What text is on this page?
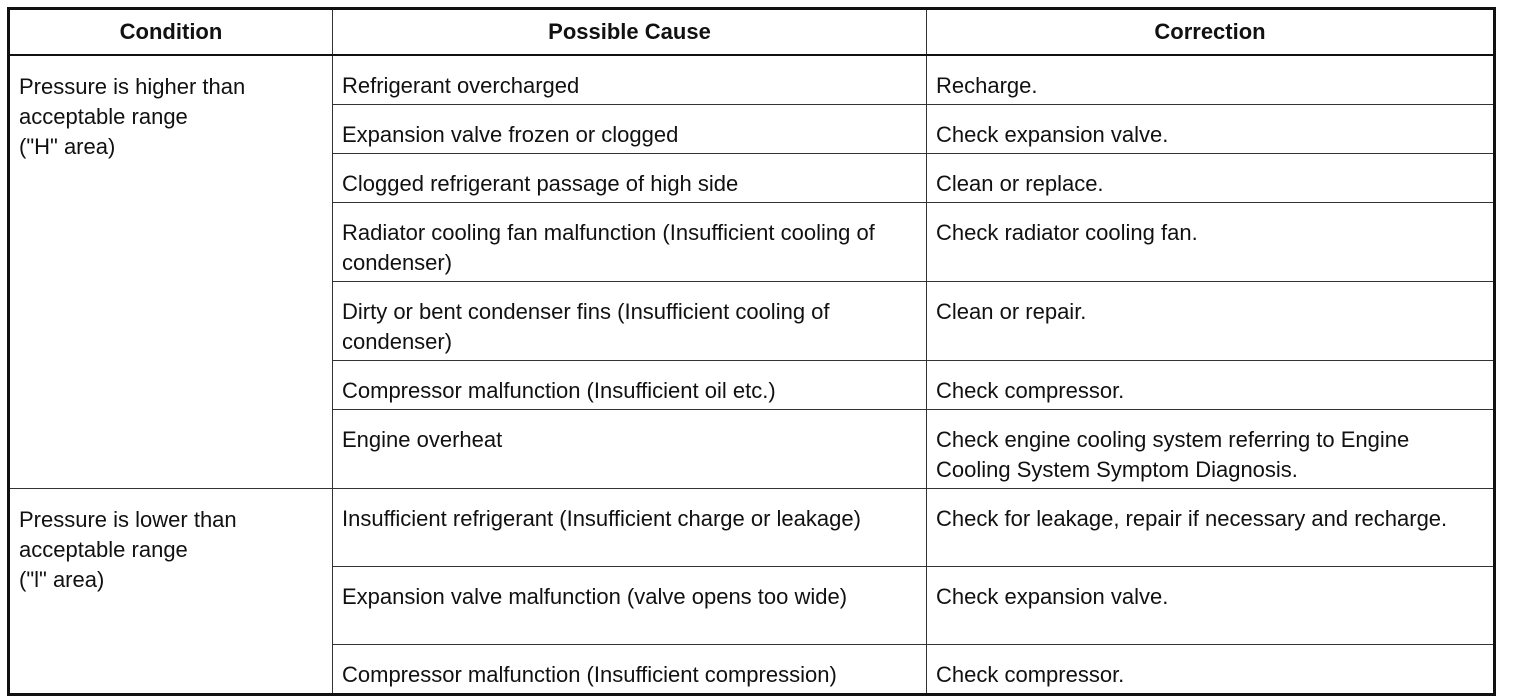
Condition	Possible Cause	Correction
Pressure is higher than
acceptable range
("H" area)	Refrigerant overcharged	Recharge.
	Expansion valve frozen or clogged	Check expansion valve.
	Clogged refrigerant passage of high side	Clean or replace.
	Radiator cooling fan malfunction (Insufficient cooling of condenser)	Check radiator cooling fan.
	Dirty or bent condenser fins (Insufficient cooling of condenser)	Clean or repair.
	Compressor malfunction (Insufficient oil etc.)	Check compressor.
	Engine overheat	Check engine cooling system referring to Engine Cooling System Symptom Diagnosis.
Pressure is lower than
acceptable range
("l" area)	Insufficient refrigerant (Insufficient charge or leakage)	Check for leakage, repair if necessary and recharge.
	Expansion valve malfunction (valve opens too wide)	Check expansion valve.
	Compressor malfunction (Insufficient compression)	Check compressor.
